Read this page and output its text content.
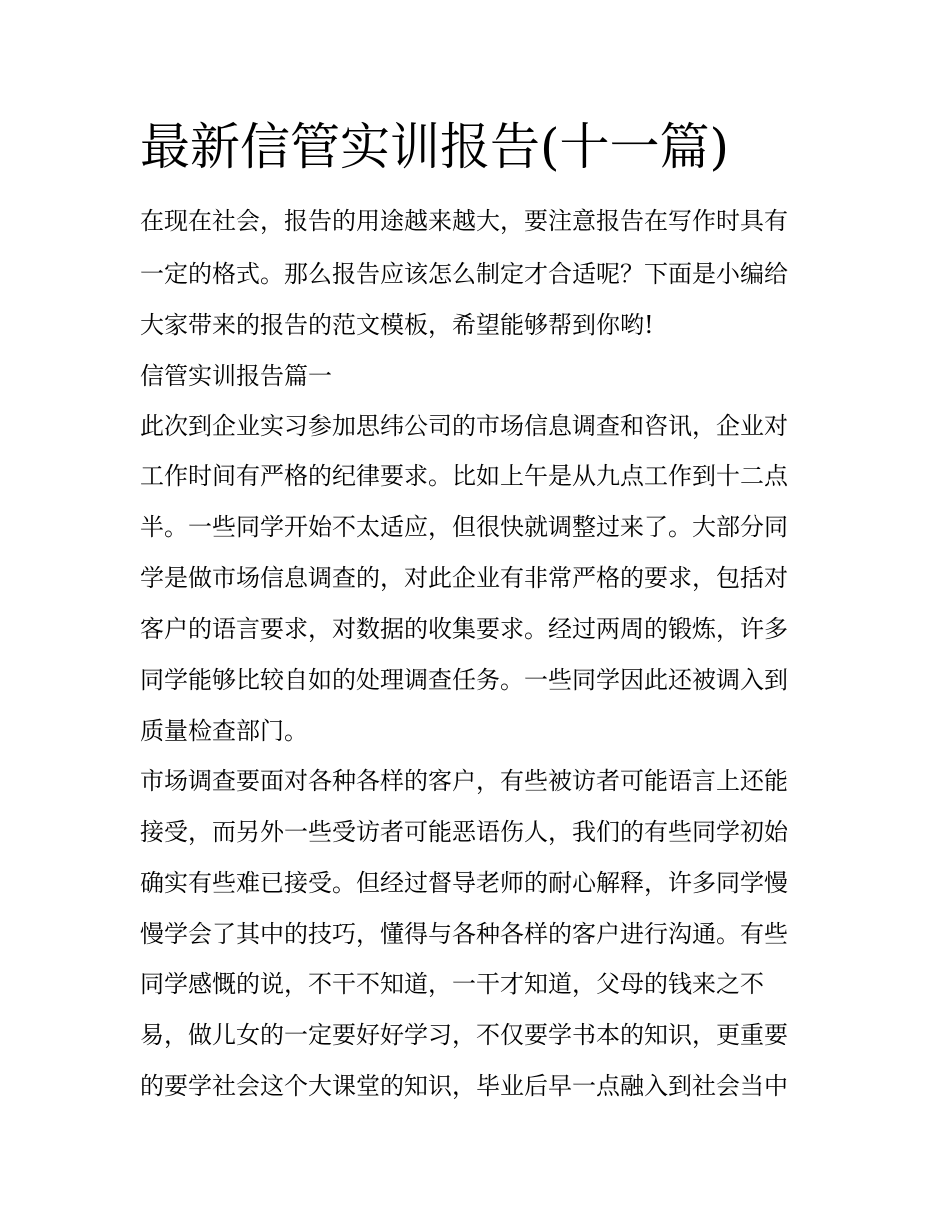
最新信管实训报告(十一篇)

在现在社会，报告的用途越来越大，要注意报告在写作时具有

一定的格式。那么报告应该怎么制定才合适呢？下面是小编给

大家带来的报告的范文模板，希望能够帮到你哟!

信管实训报告篇一

此次到企业实习参加思纬公司的市场信息调查和咨讯，企业对

工作时间有严格的纪律要求。比如上午是从九点工作到十二点

半。一些同学开始不太适应，但很快就调整过来了。大部分同

学是做市场信息调查的，对此企业有非常严格的要求，包括对

客户的语言要求，对数据的收集要求。经过两周的锻炼，许多

同学能够比较自如的处理调查任务。一些同学因此还被调入到

质量检查部门。

市场调查要面对各种各样的客户，有些被访者可能语言上还能

接受，而另外一些受访者可能恶语伤人，我们的有些同学初始

确实有些难已接受。但经过督导老师的耐心解释，许多同学慢

慢学会了其中的技巧，懂得与各种各样的客户进行沟通。有些

同学感慨的说，不干不知道，一干才知道，父母的钱来之不

易，做儿女的一定要好好学习，不仅要学书本的知识，更重要

的要学社会这个大课堂的知识，毕业后早一点融入到社会当中
